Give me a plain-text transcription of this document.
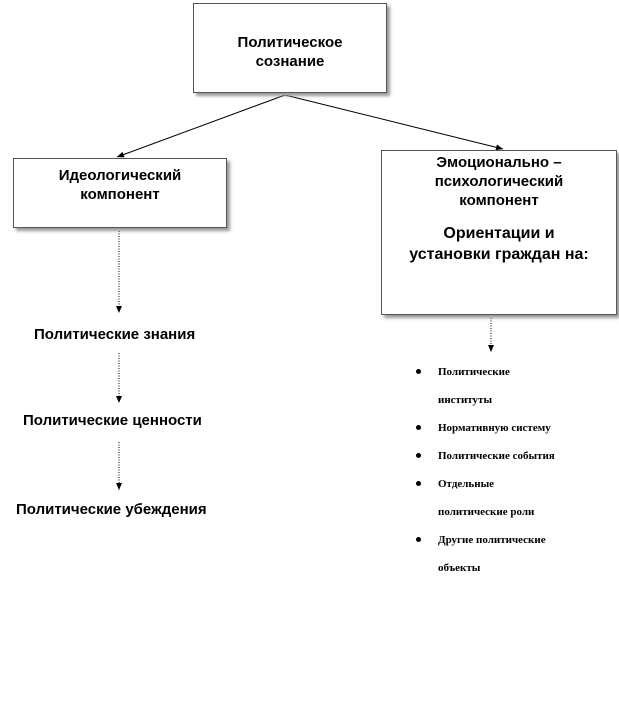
Политическое
сознание
Идеологический
компонент
Эмоционально –
психологический
компонент
Ориентации и
установки граждан на:
Политические знания
Политические ценности
Политические убеждения
Политические
институты
Нормативную систему
Политические события
Отдельные
политические роли
Другие политические
объекты
